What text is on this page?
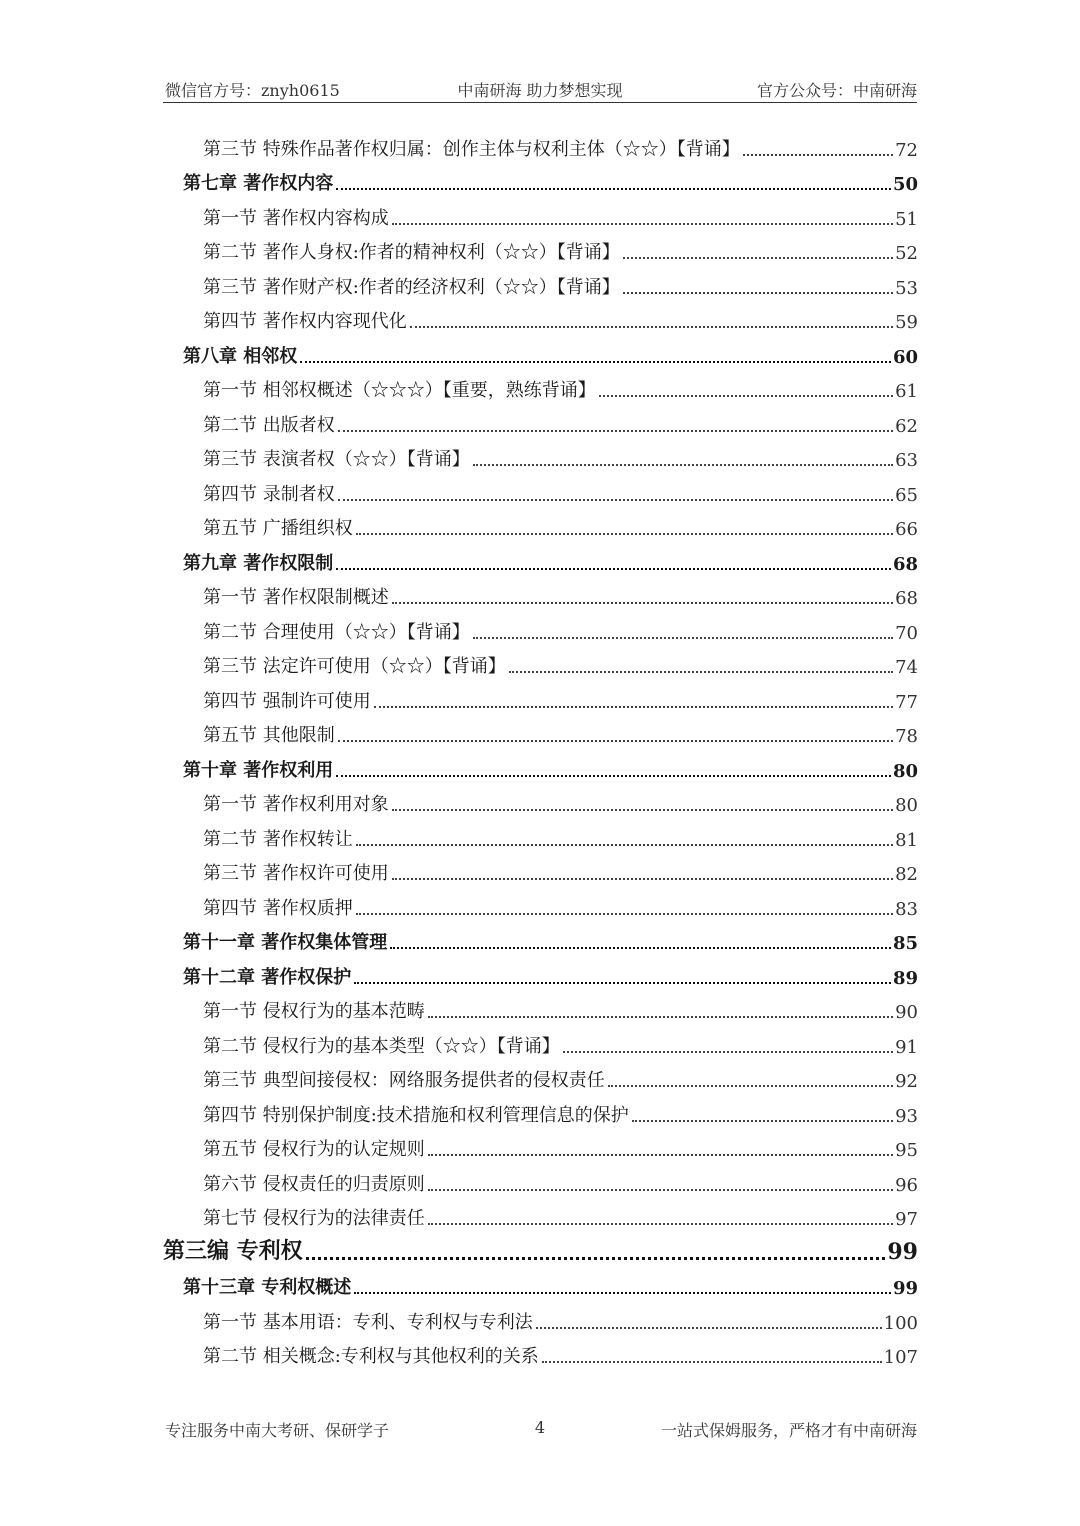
微信官方号：znyh0615	中南研海 助力梦想实现	官方公众号：中南研海
第三节 特殊作品著作权归属：创作主体与权利主体（☆☆）【背诵】	72
第七章 著作权内容	50
第一节 著作权内容构成	51
第二节 著作人身权:作者的精神权利（☆☆）【背诵】	52
第三节 著作财产权:作者的经济权利（☆☆）【背诵】	53
第四节 著作权内容现代化	59
第八章 相邻权	60
第一节 相邻权概述（☆☆☆）【重要，熟练背诵】	61
第二节 出版者权	62
第三节 表演者权（☆☆）【背诵】	63
第四节 录制者权	65
第五节 广播组织权	66
第九章 著作权限制	68
第一节 著作权限制概述	68
第二节 合理使用（☆☆）【背诵】	70
第三节 法定许可使用（☆☆）【背诵】	74
第四节 强制许可使用	77
第五节 其他限制	78
第十章 著作权利用	80
第一节 著作权利用对象	80
第二节 著作权转让	81
第三节 著作权许可使用	82
第四节 著作权质押	83
第十一章 著作权集体管理	85
第十二章 著作权保护	89
第一节 侵权行为的基本范畴	90
第二节 侵权行为的基本类型（☆☆）【背诵】	91
第三节 典型间接侵权：网络服务提供者的侵权责任	92
第四节 特别保护制度:技术措施和权利管理信息的保护	93
第五节 侵权行为的认定规则	95
第六节 侵权责任的归责原则	96
第七节 侵权行为的法律责任	97
第三编 专利权	99
第十三章 专利权概述	99
第一节 基本用语：专利、专利权与专利法	100
第二节 相关概念:专利权与其他权利的关系	107
专注服务中南大考研、保研学子	4	一站式保姆服务，严格才有中南研海
